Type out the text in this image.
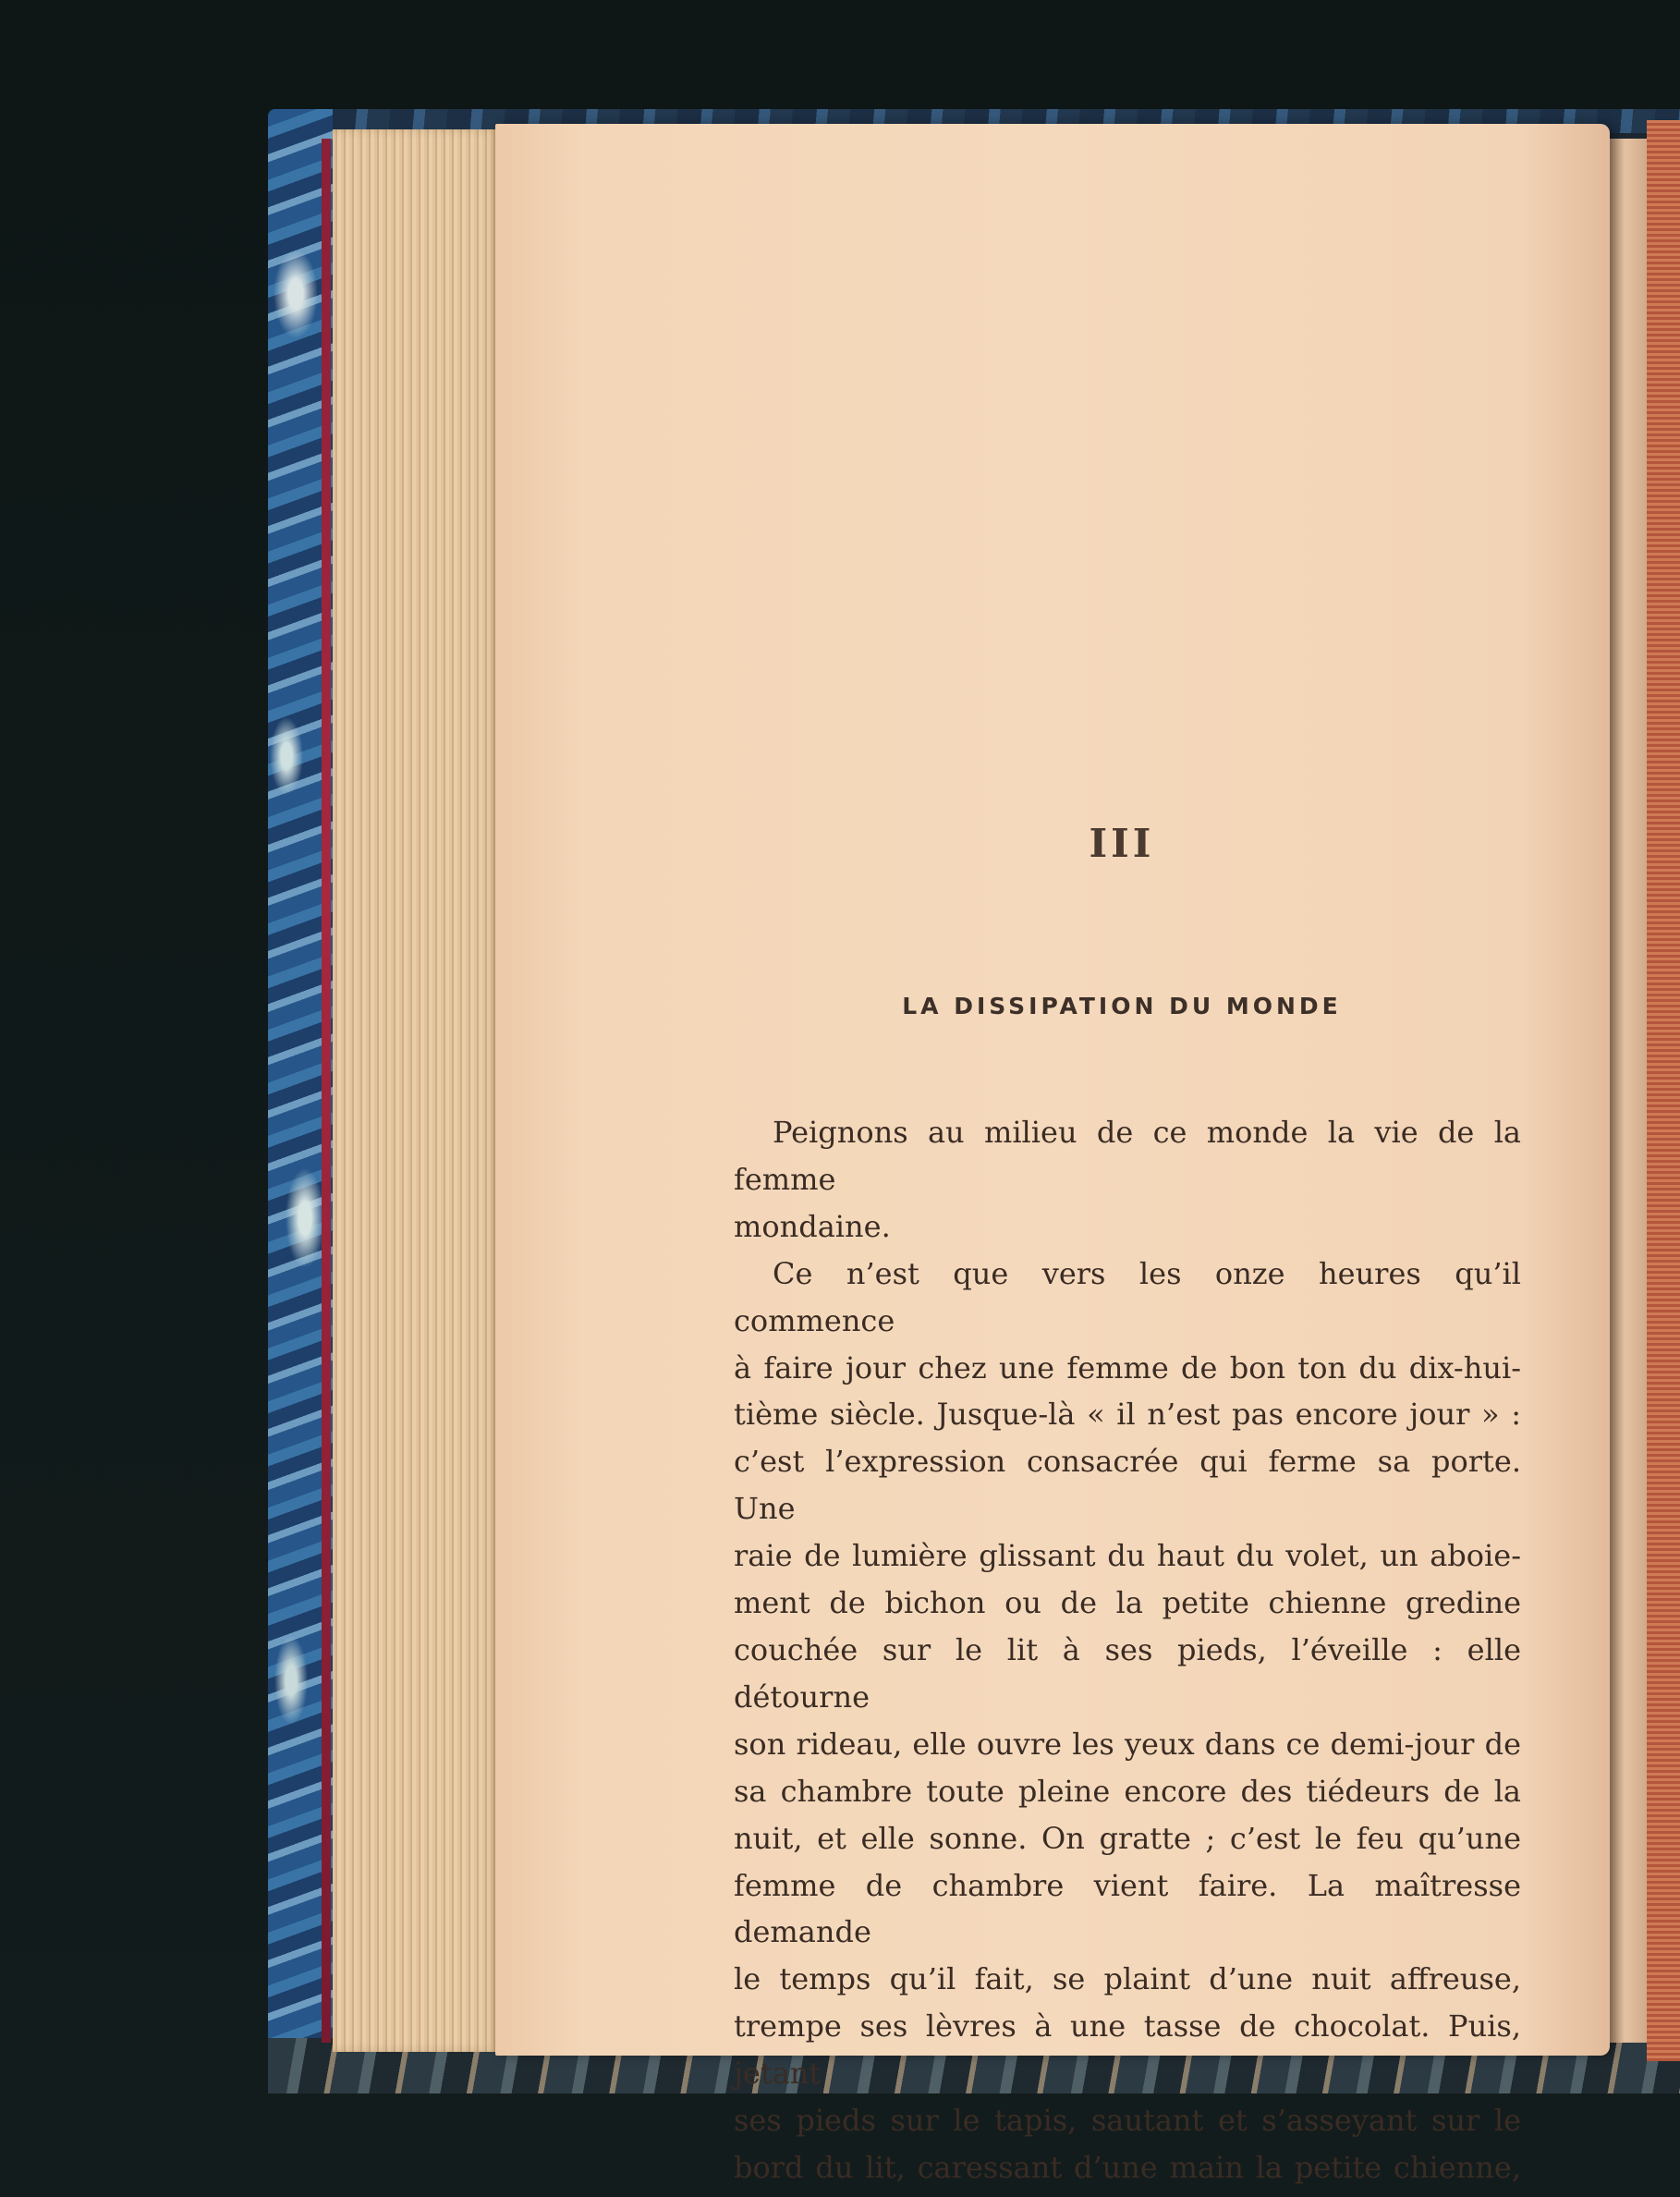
III
LA DISSIPATION DU MONDE

Peignons au milieu de ce monde la vie de la femme

mondaine.

Ce n’est que vers les onze heures qu’il commence

à faire jour chez une femme de bon ton du dix-hui-

tième siècle. Jusque-là « il n’est pas encore jour » :

c’est l’expression consacrée qui ferme sa porte. Une

raie de lumière glissant du haut du volet, un aboie-

ment de bichon ou de la petite chienne gredine

couchée sur le lit à ses pieds, l’éveille : elle détourne

son rideau, elle ouvre les yeux dans ce demi-jour de

sa chambre toute pleine encore des tiédeurs de la

nuit, et elle sonne. On gratte ; c’est le feu qu’une

femme de chambre vient faire. La maîtresse demande

le temps qu’il fait, se plaint d’une nuit affreuse,

trempe ses lèvres à une tasse de chocolat. Puis, jetant

ses pieds sur le tapis, sautant et s’asseyant sur le

bord du lit, caressant d’une main la petite chienne,
